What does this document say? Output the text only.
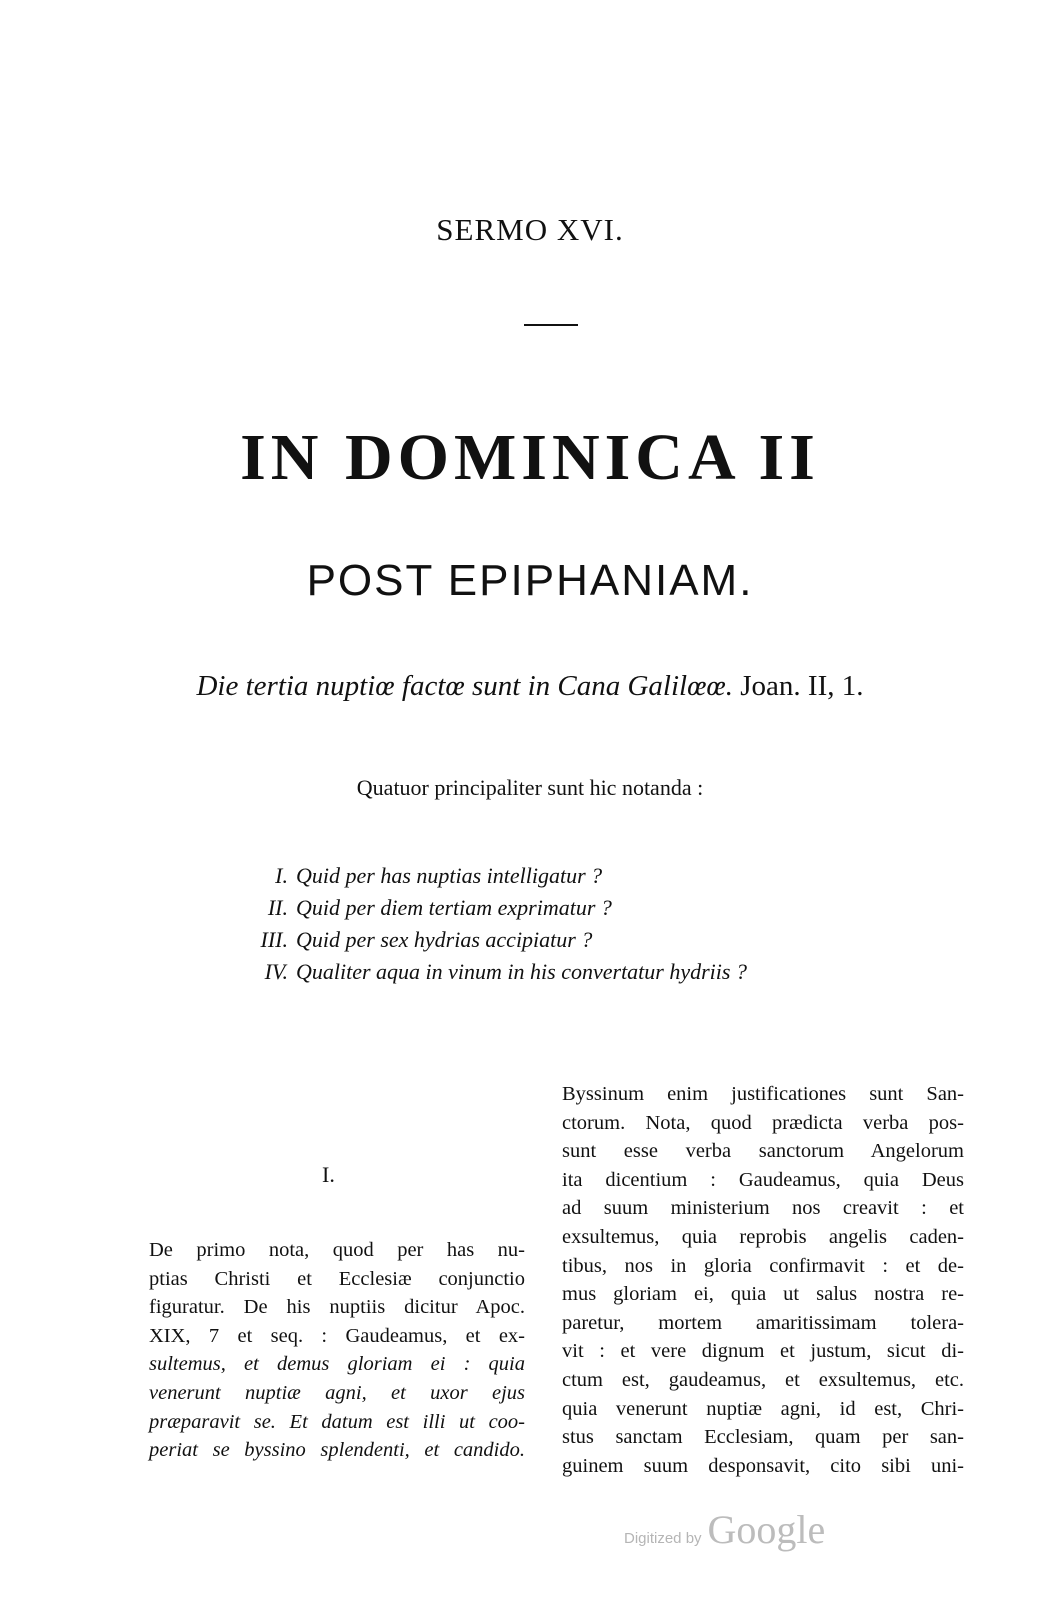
SERMO XVI.
IN DOMINICA II
POST EPIPHANIAM.
Die tertia nuptiœ factœ sunt in Cana Galilœœ. Joan. II, 1.
Quatuor principaliter sunt hic notanda :
I. Quid per has nuptias intelligatur ?
II. Quid per diem tertiam exprimatur ?
III. Quid per sex hydrias accipiatur ?
IV. Qualiter aqua in vinum in his convertatur hydriis ?
I.
De primo nota, quod per has nu-
ptias Christi et Ecclesiæ conjunctio
figuratur. De his nuptiis dicitur Apoc.
XIX, 7 et seq. : Gaudeamus, et ex-
sultemus, et demus gloriam ei : quia
venerunt nuptiæ agni, et uxor ejus
præparavit se. Et datum est illi ut coo-
periat se byssino splendenti, et candido.
Byssinum enim justificationes sunt San-
ctorum. Nota, quod prædicta verba pos-
sunt esse verba sanctorum Angelorum
ita dicentium : Gaudeamus, quia Deus
ad suum ministerium nos creavit : et
exsultemus, quia reprobis angelis caden-
tibus, nos in gloria confirmavit : et de-
mus gloriam ei, quia ut salus nostra re-
paretur, mortem amaritissimam tolera-
vit : et vere dignum et justum, sicut di-
ctum est, gaudeamus, et exsultemus, etc.
quia venerunt nuptiæ agni, id est, Chri-
stus sanctam Ecclesiam, quam per san-
guinem suum desponsavit, cito sibi uni-
Digitized by Google
